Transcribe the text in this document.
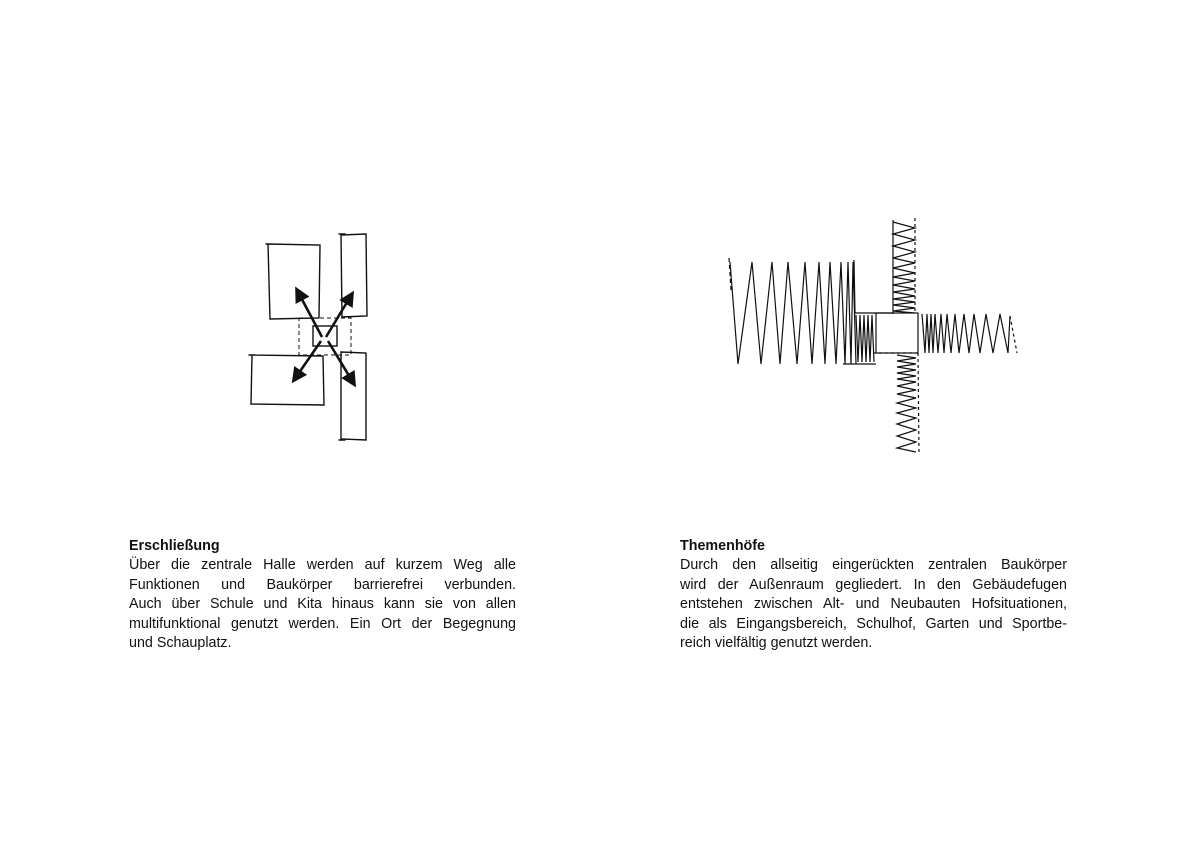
Erschließung
Über die zentrale Halle werden auf kurzem Weg alle
Funktionen und Baukörper barrierefrei verbunden.
Auch über Schule und Kita hinaus kann sie von allen
multifunktional genutzt werden. Ein Ort der Begegnung
und Schauplatz.
Themenhöfe
Durch den allseitig eingerückten zentralen Baukörper
wird der Außenraum gegliedert. In den Gebäudefugen
entstehen zwischen Alt- und Neubauten Hofsituationen,
die als Eingangsbereich, Schulhof, Garten und Sportbe-
reich vielfältig genutzt werden.
